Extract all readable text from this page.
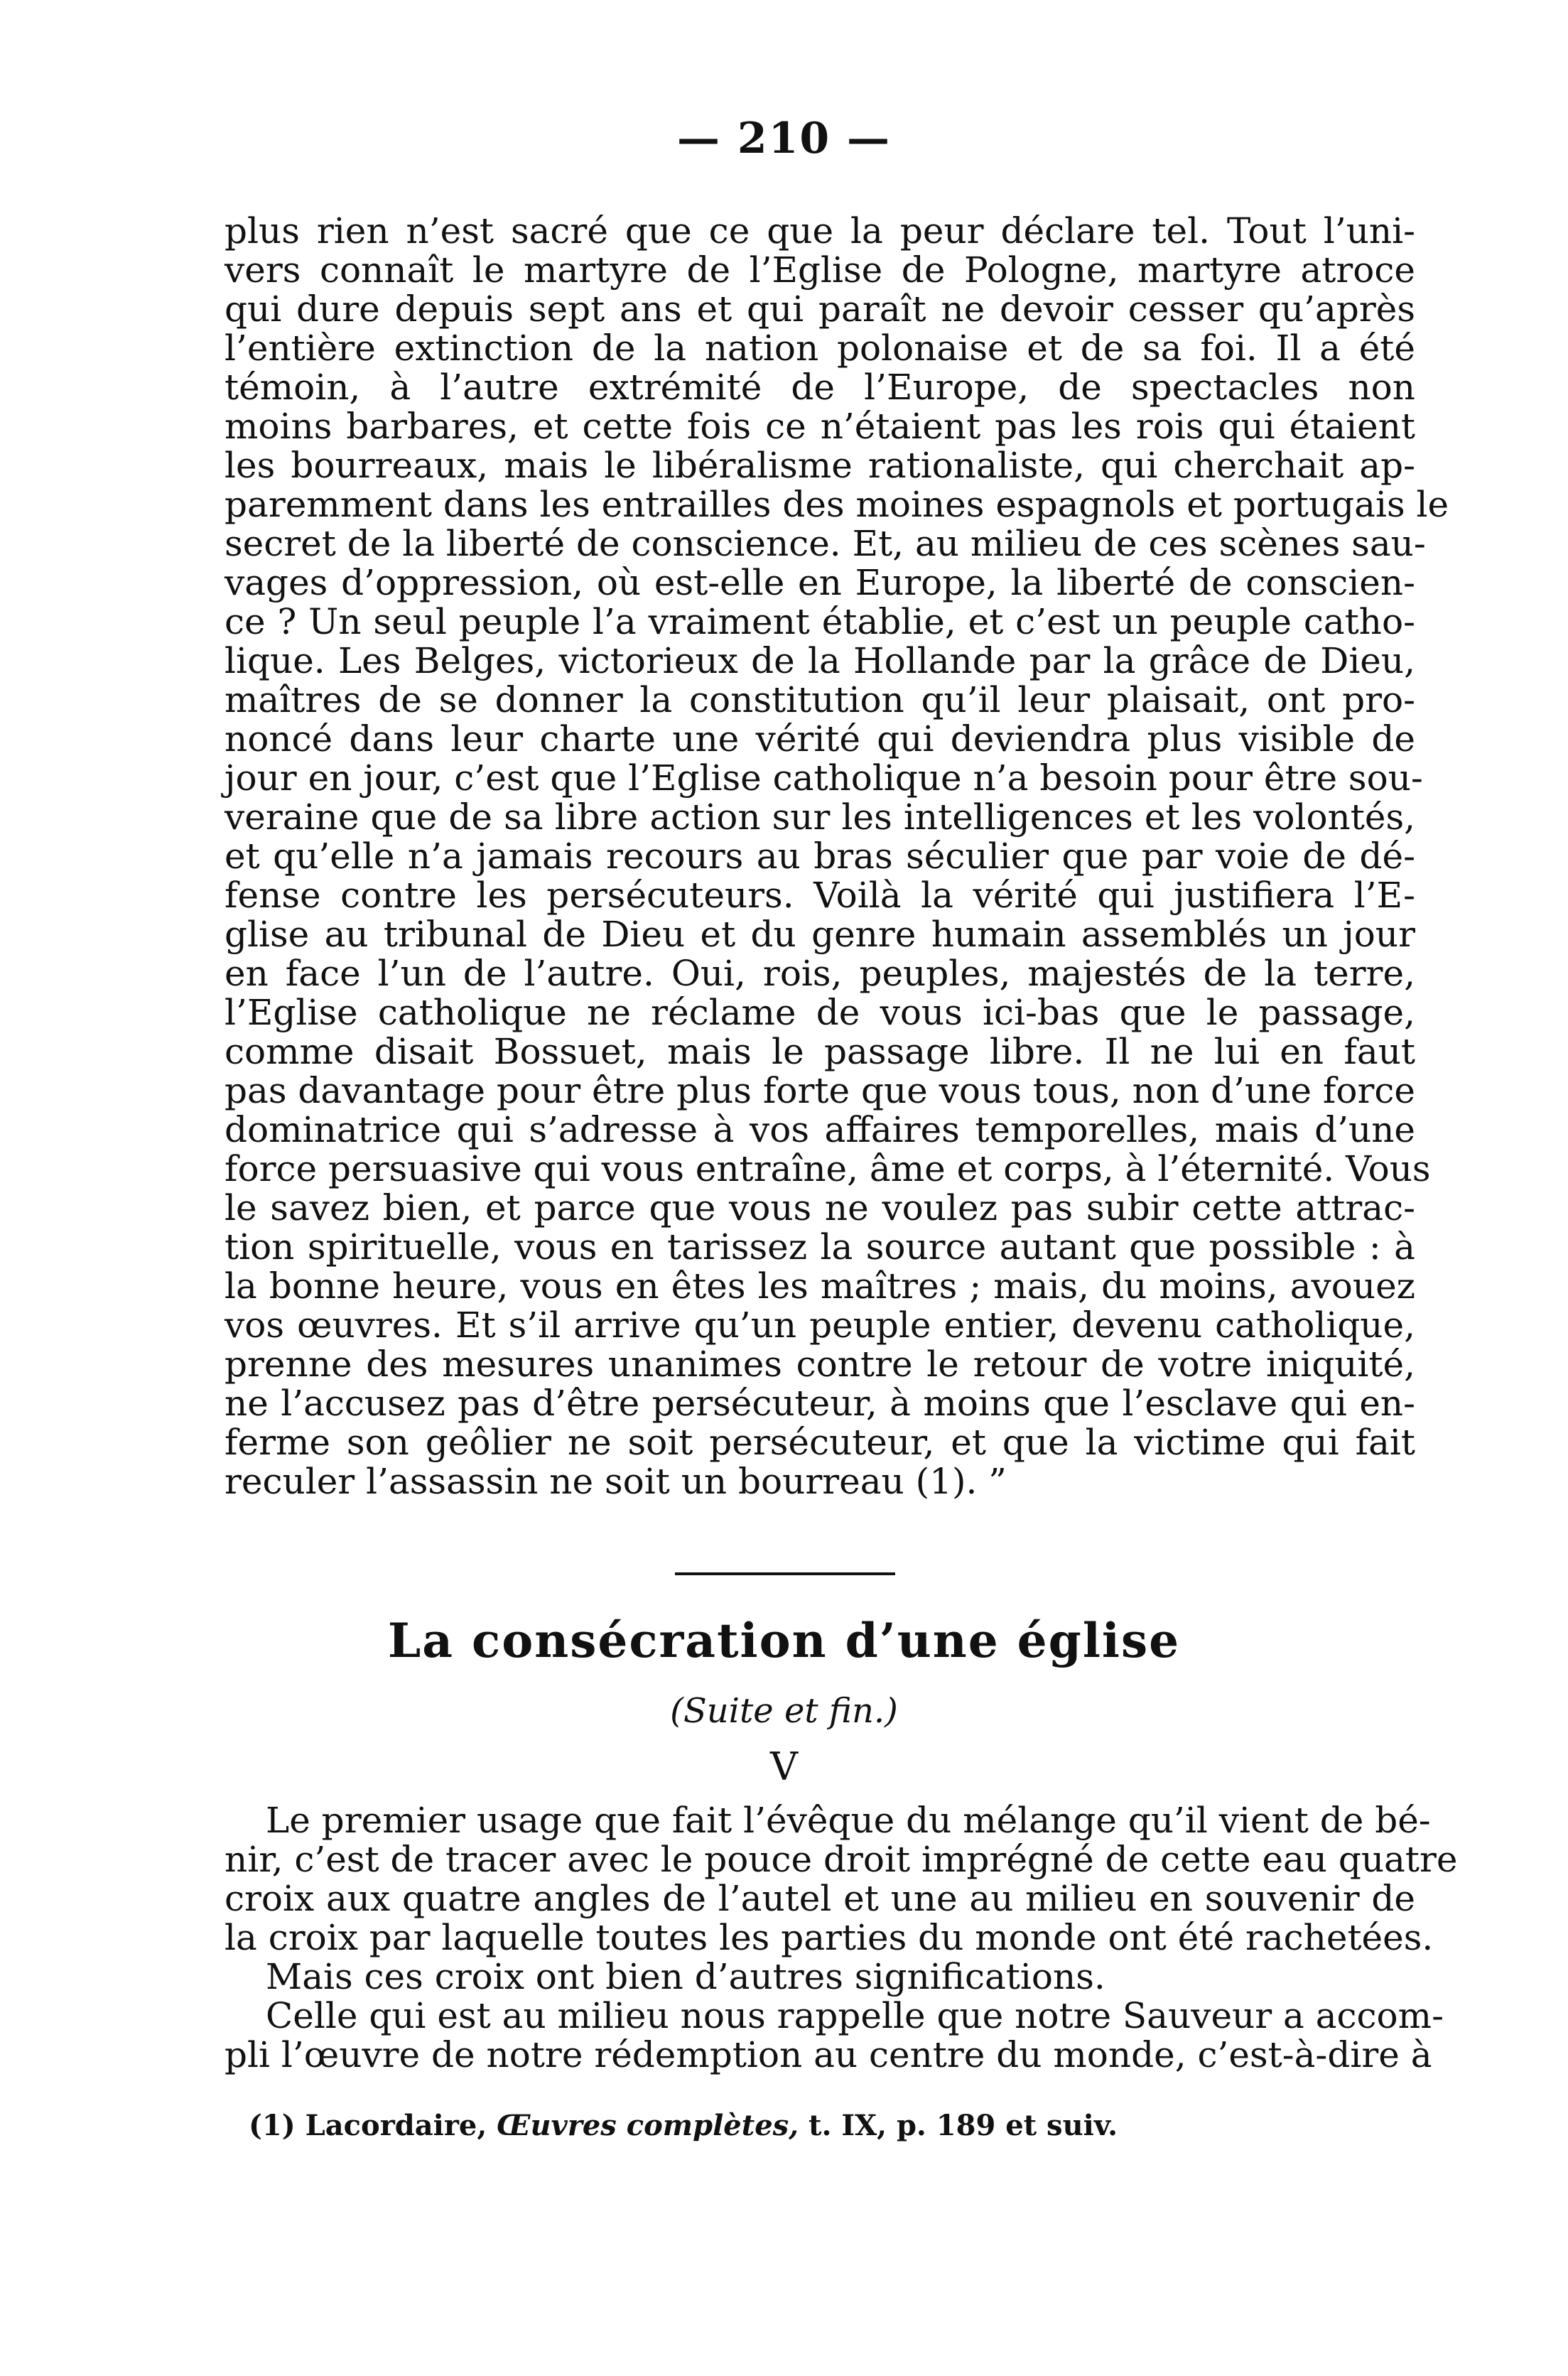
— 210 —
plus rien n’est sacré que ce que la peur déclare tel. Tout l’uni-
vers connaît le martyre de l’Eglise de Pologne, martyre atroce
qui dure depuis sept ans et qui paraît ne devoir cesser qu’après
l’entière extinction de la nation polonaise et de sa foi. Il a été
témoin, à l’autre extrémité de l’Europe, de spectacles non
moins barbares, et cette fois ce n’étaient pas les rois qui étaient
les bourreaux, mais le libéralisme rationaliste, qui cherchait ap-
paremment dans les entrailles des moines espagnols et portugais le
secret de la liberté de conscience. Et, au milieu de ces scènes sau-
vages d’oppression, où est-elle en Europe, la liberté de conscien-
ce ? Un seul peuple l’a vraiment établie, et c’est un peuple catho-
lique. Les Belges, victorieux de la Hollande par la grâce de Dieu,
maîtres de se donner la constitution qu’il leur plaisait, ont pro-
noncé dans leur charte une vérité qui deviendra plus visible de
jour en jour, c’est que l’Eglise catholique n’a besoin pour être sou-
veraine que de sa libre action sur les intelligences et les volontés,
et qu’elle n’a jamais recours au bras séculier que par voie de dé-
fense contre les persécuteurs. Voilà la vérité qui justifiera l’E-
glise au tribunal de Dieu et du genre humain assemblés un jour
en face l’un de l’autre. Oui, rois, peuples, majestés de la terre,
l’Eglise catholique ne réclame de vous ici-bas que le passage,
comme disait Bossuet, mais le passage libre. Il ne lui en faut
pas davantage pour être plus forte que vous tous, non d’une force
dominatrice qui s’adresse à vos affaires temporelles, mais d’une
force persuasive qui vous entraîne, âme et corps, à l’éternité. Vous
le savez bien, et parce que vous ne voulez pas subir cette attrac-
tion spirituelle, vous en tarissez la source autant que possible : à
la bonne heure, vous en êtes les maîtres ; mais, du moins, avouez
vos œuvres. Et s’il arrive qu’un peuple entier, devenu catholique,
prenne des mesures unanimes contre le retour de votre iniquité,
ne l’accusez pas d’être persécuteur, à moins que l’esclave qui en-
ferme son geôlier ne soit persécuteur, et que la victime qui fait
reculer l’assassin ne soit un bourreau (1). ”
La consécration d’une église
(Suite et fin.)
V
Le premier usage que fait l’évêque du mélange qu’il vient de bé-
nir, c’est de tracer avec le pouce droit imprégné de cette eau quatre
croix aux quatre angles de l’autel et une au milieu en souvenir de
la croix par laquelle toutes les parties du monde ont été rachetées.
Mais ces croix ont bien d’autres significations.
Celle qui est au milieu nous rappelle que notre Sauveur a accom-
pli l’œuvre de notre rédemption au centre du monde, c’est-à-dire à
(1) Lacordaire, Œuvres complètes, t. IX, p. 189 et suiv.
